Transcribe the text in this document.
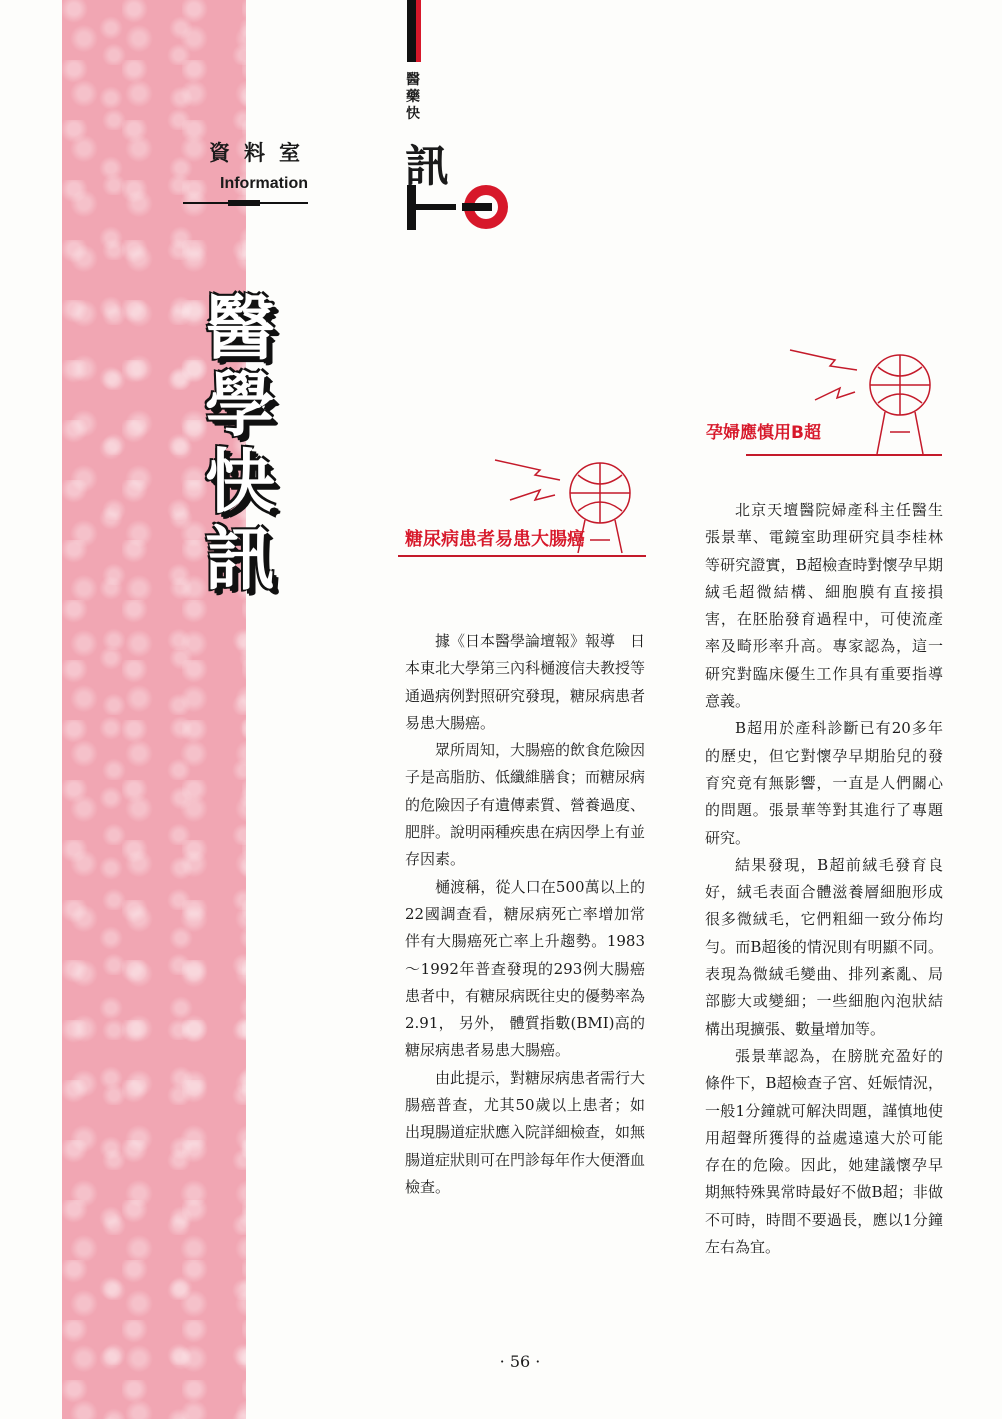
資料室
Information
醫
學
快
訊
醫藥快
訊
糖尿病患者易患大腸癌
孕婦應慎用B超

據《日本醫學論壇報》報導　日本東北大學第三內科樋渡信夫教授等通過病例對照研究發現，糖尿病患者易患大腸癌。

眾所周知，大腸癌的飲食危險因子是高脂肪、低纖維膳食；而糖尿病的危險因子有遺傳素質、營養過度、肥胖。說明兩種疾患在病因學上有並存因素。

樋渡稱，從人口在500萬以上的22國調查看，糖尿病死亡率增加常伴有大腸癌死亡率上升趨勢。1983～1992年普查發現的293例大腸癌患者中，有糖尿病既往史的優勢率為 2.91， 另外， 體質指數(BMI)高的糖尿病患者易患大腸癌。

由此提示，對糖尿病患者需行大腸癌普查，尤其50歲以上患者；如出現腸道症狀應入院詳細檢查，如無腸道症狀則可在門診每年作大便潛血檢查。

北京天壇醫院婦產科主任醫生張景華、電鏡室助理研究員李桂林等研究證實，B超檢查時對懷孕早期絨毛超微結構、細胞膜有直接損害，在胚胎發育過程中，可使流產率及畸形率升高。專家認為，這一研究對臨床優生工作具有重要指導意義。

B超用於產科診斷已有20多年的歷史，但它對懷孕早期胎兒的發育究竟有無影響，一直是人們關心的問題。張景華等對其進行了專題研究。

結果發現，B超前絨毛發育良好，絨毛表面合體滋養層細胞形成很多微絨毛，它們粗細一致分佈均勻。而B超後的情況則有明顯不同。表現為微絨毛變曲、排列紊亂、局部膨大或變細；一些細胞內泡狀結構出現擴張、數量增加等。

張景華認為，在膀胱充盈好的條件下，B超檢查子宮、妊娠情況，一般1分鐘就可解決問題，謹慎地使用超聲所獲得的益處遠遠大於可能存在的危險。因此，她建議懷孕早期無特殊異常時最好不做B超；非做不可時，時間不要過長，應以1分鐘左右為宜。

· 56 ·
